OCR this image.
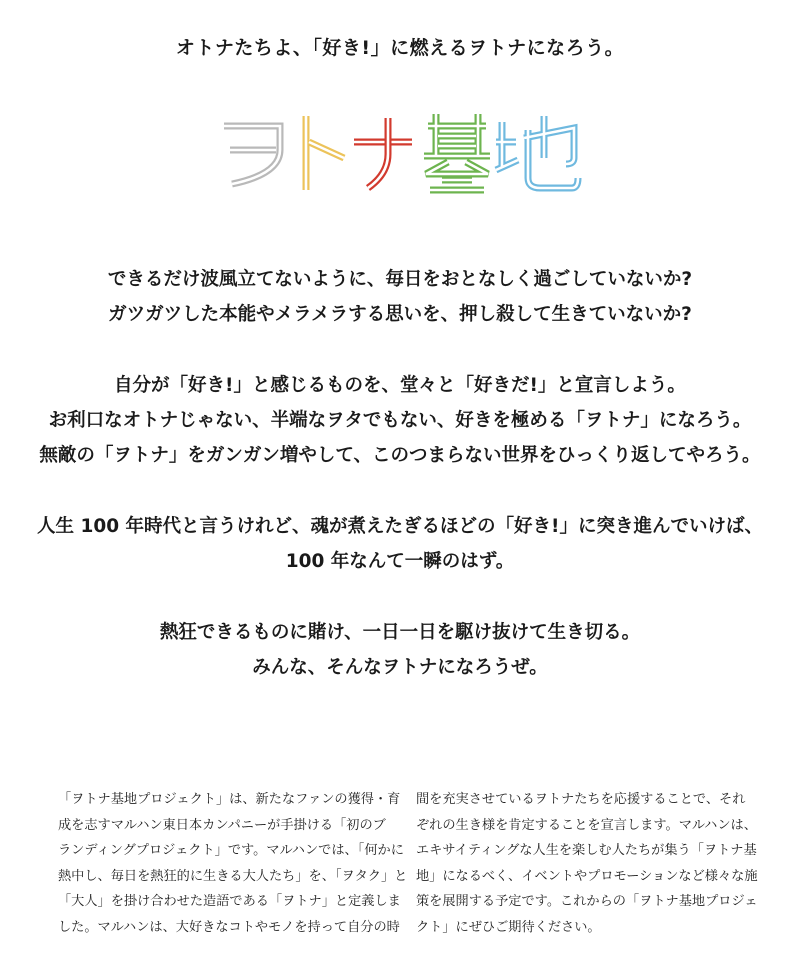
オトナたちよ、「好き!」に燃えるヲトナになろう。

できるだけ波風立てないように、毎日をおとなしく過ごしていないか?
ガツガツした本能やメラメラする思いを、押し殺して生きていないか?

自分が「好き!」と感じるものを、堂々と「好きだ!」と宣言しよう。
お利口なオトナじゃない、半端なヲタでもない、好きを極める「ヲトナ」になろう。
無敵の「ヲトナ」をガンガン増やして、このつまらない世界をひっくり返してやろう。

人生 100 年時代と言うけれど、魂が煮えたぎるほどの「好き!」に突き進んでいけば、
100 年なんて一瞬のはず。

熱狂できるものに賭け、一日一日を駆け抜けて生き切る。
みんな、そんなヲトナになろうぜ。

「ヲトナ基地プロジェクト」は、新たなファンの獲得・育
成を志すマルハン東日本カンパニーが手掛ける「初のブ
ランディングプロジェクト」です。マルハンでは、「何かに
熱中し、毎日を熱狂的に生きる大人たち」を、「ヲタク」と
「大人」を掛け合わせた造語である「ヲトナ」と定義しま
した。マルハンは、大好きなコトやモノを持って自分の時
間を充実させているヲトナたちを応援することで、それ
ぞれの生き様を肯定することを宣言します。マルハンは、
エキサイティングな人生を楽しむ人たちが集う「ヲトナ基
地」になるべく、イベントやプロモーションなど様々な施
策を展開する予定です。これからの「ヲトナ基地プロジェ
クト」にぜひご期待ください。
